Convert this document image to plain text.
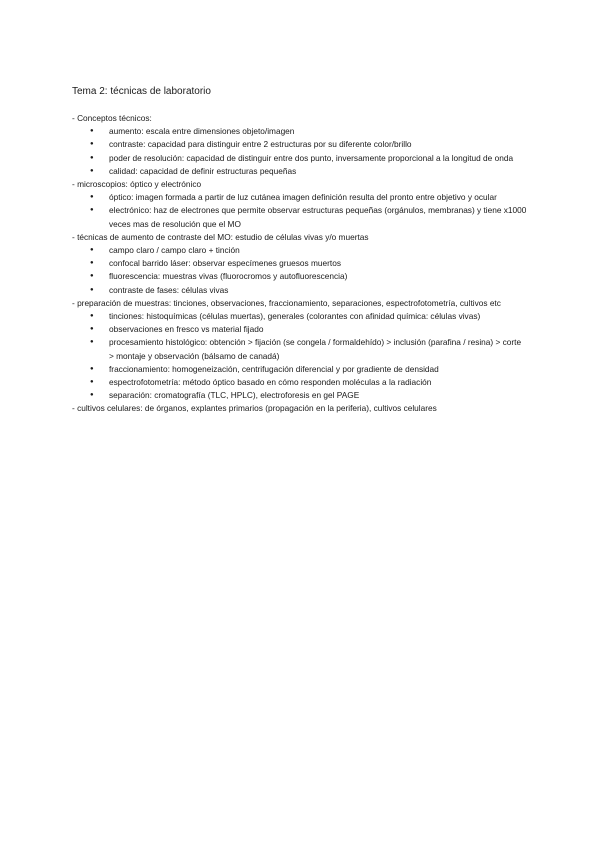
Tema 2: técnicas de laboratorio

- Conceptos técnicos:

● aumento: escala entre dimensiones objeto/imagen
● contraste: capacidad para distinguir entre 2 estructuras por su diferente color/brillo
● poder de resolución: capacidad de distinguir entre dos punto, inversamente proporcional a la longitud de onda
● calidad: capacidad de definir estructuras pequeñas

- microscopios: óptico y electrónico

● óptico: imagen formada a partir de luz cutánea imagen definición resulta del pronto entre objetivo y ocular
● electrónico: haz de electrones que permite observar estructuras pequeñas (orgánulos, membranas) y tiene x1000 veces mas de resolución que el MO

- técnicas de aumento de contraste del MO: estudio de células vivas y/o muertas

● campo claro / campo claro + tinción
● confocal barrido láser: observar especímenes gruesos muertos
● fluorescencia: muestras vivas (fluorocromos y autofluorescencia)
● contraste de fases: células vivas

- preparación de muestras: tinciones, observaciones, fraccionamiento, separaciones, espectrofotometría, cultivos etc

● tinciones: histoquímicas (células muertas), generales (colorantes con afinidad química: células vivas)
● observaciones en fresco vs material fijado
● procesamiento histológico: obtención > fijación (se congela / formaldehído) > inclusión (parafina / resina) > corte > montaje y observación (bálsamo de canadá)
● fraccionamiento: homogeneización, centrifugación diferencial y por gradiente de densidad
● espectrofotometría: método óptico basado en cómo responden moléculas a la radiación
● separación: cromatografía (TLC, HPLC), electroforesis en gel PAGE

- cultivos celulares: de órganos, explantes primarios (propagación en la periferia), cultivos celulares
